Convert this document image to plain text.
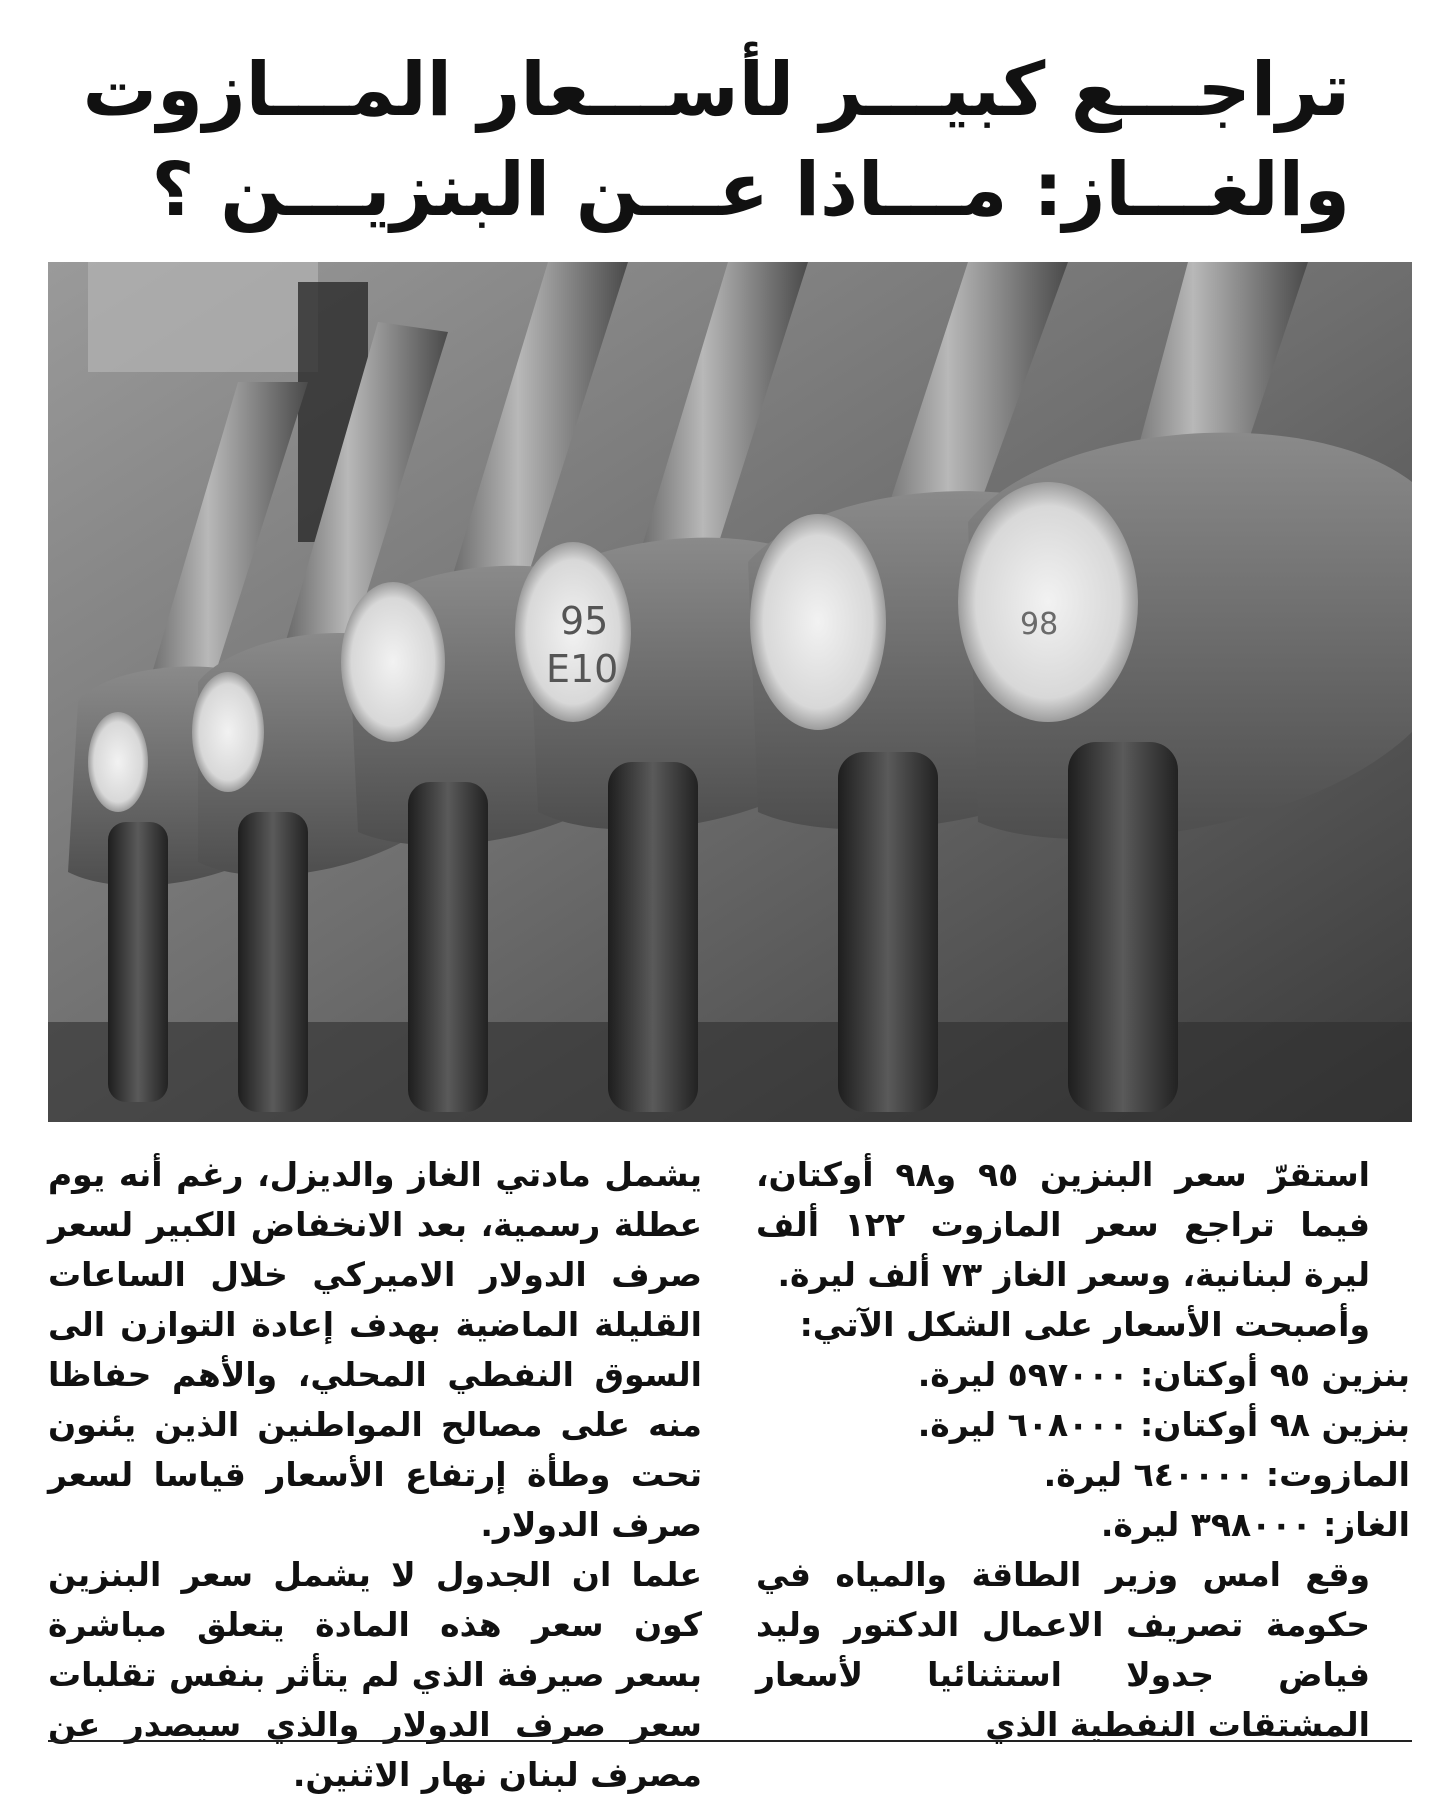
تراجـــع كبيـــر لأســـعار المـــازوت
والغـــاز: مـــاذا عـــن البنزيـــن ؟
95
E10
98

استقرّ سعر البنزين ٩٥ و٩٨ أوكتان، فيما تراجع سعر المازوت ١٢٢ ألف ليرة لبنانية، وسعر الغاز ٧٣ ألف ليرة.

وأصبحت الأسعار على الشكل الآتي:

بنزين ٩٥ أوكتان: ٥٩٧٠٠٠ ليرة.
بنزين ٩٨ أوكتان: ٦٠٨٠٠٠ ليرة.
المازوت: ٦٤٠٠٠٠ ليرة.
الغاز: ٣٩٨٠٠٠ ليرة.

وقع امس وزير الطاقة والمياه في حكومة تصريف الاعمال الدكتور وليد فياض جدولا استثنائيا لأسعار المشتقات النفطية الذي

يشمل مادتي الغاز والديزل، رغم أنه يوم عطلة رسمية، بعد الانخفاض الكبير لسعر صرف الدولار الاميركي خلال الساعات القليلة الماضية بهدف إعادة التوازن الى السوق النفطي المحلي، والأهم حفاظا منه على مصالح المواطنين الذين يئنون تحت وطأة إرتفاع الأسعار قياسا لسعر صرف الدولار.

علما ان الجدول لا يشمل سعر البنزين كون سعر هذه المادة يتعلق مباشرة بسعر صيرفة الذي لم يتأثر بنفس تقلبات سعر صرف الدولار والذي سيصدر عن مصرف لبنان نهار الاثنين.
